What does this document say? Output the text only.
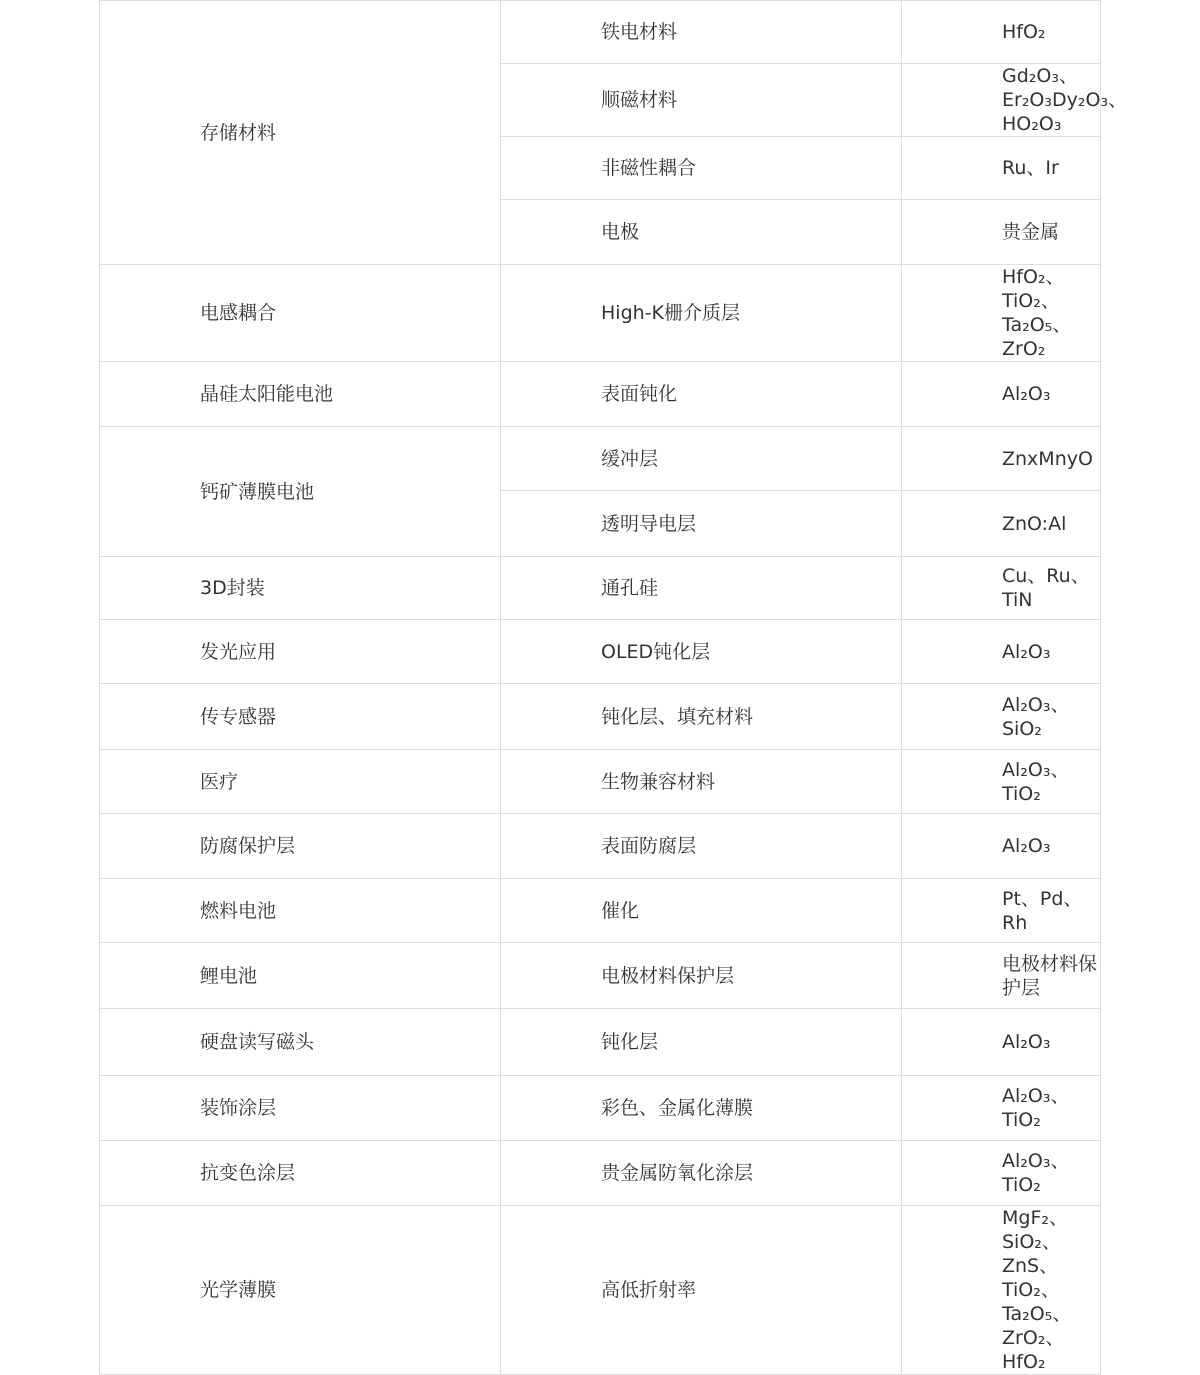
存储材料	铁电材料	HfO₂
	顺磁材料	Gd₂O₃、Er₂O₃Dy₂O₃、HO₂O₃
	非磁性耦合	Ru、Ir
	电极	贵金属
电感耦合	High-K栅介质层	HfO₂、TiO₂、Ta₂O₅、ZrO₂
晶硅太阳能电池	表面钝化	Al₂O₃
钙矿薄膜电池	缓冲层	ZnxMnyO
	透明导电层	ZnO:Al
3D封装	通孔硅	Cu、Ru、TiN
发光应用	OLED钝化层	Al₂O₃
传专感器	钝化层、填充材料	Al₂O₃、SiO₂
医疗	生物兼容材料	Al₂O₃、TiO₂
防腐保护层	表面防腐层	Al₂O₃
燃料电池	催化	Pt、Pd、Rh
鲤电池	电极材料保护层	电极材料保护层
硬盘读写磁头	钝化层	Al₂O₃
装饰涂层	彩色、金属化薄膜	Al₂O₃、TiO₂
抗变色涂层	贵金属防氧化涂层	Al₂O₃、TiO₂
光学薄膜	高低折射率	MgF₂、SiO₂、ZnS、TiO₂、Ta₂O₅、ZrO₂、HfO₂
